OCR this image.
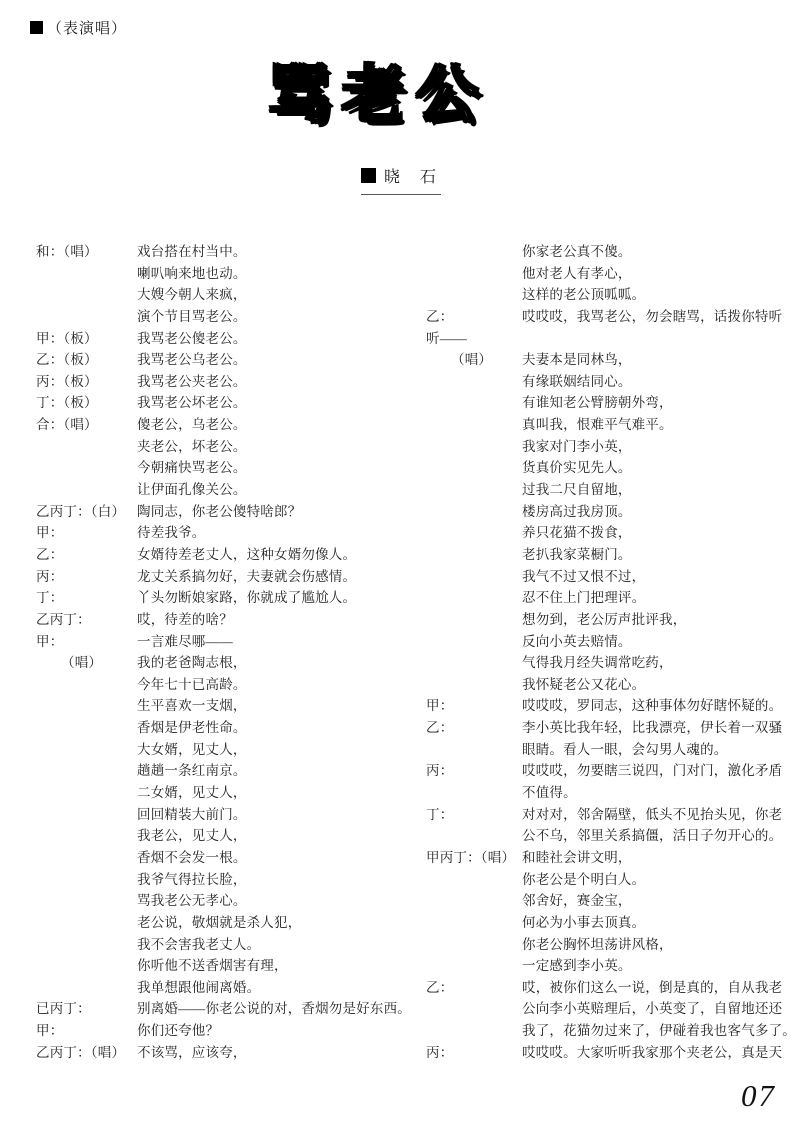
（表演唱）
骂老公
晓　石
和：（唱）	戏台搭在村当中。
喇叭响来地也动。
大嫂今朝人来疯，
演个节目骂老公。
甲：（板）	我骂老公傻老公。
乙：（板）	我骂老公乌老公。
丙：（板）	我骂老公夹老公。
丁：（板）	我骂老公坏老公。
合：（唱）	傻老公，乌老公。
夹老公，坏老公。
今朝痛快骂老公。
让伊面孔像关公。
乙丙丁：（白） 陶同志，你老公傻特啥郎？
甲：	待差我爷。
乙：	女婿待差老丈人，这种女婿勿像人。
丙：	龙丈关系搞勿好，夫妻就会伤感情。
丁：	丫头勿断娘家路，你就成了尴尬人。
乙丙丁：	哎，待差的啥？
甲：	一言难尽哪——
（唱）	我的老爸陶志根，
今年七十已高龄。
生平喜欢一支烟，
香烟是伊老性命。
大女婿，见丈人，
趟趟一条红南京。
二女婿，见丈人，
回回精装大前门。
我老公，见丈人，
香烟不会发一根。
我爷气得拉长脸，
骂我老公无孝心。
老公说，敬烟就是杀人犯，
我不会害我老丈人。
你听他不送香烟害有理，
我单想跟他闹离婚。
已丙丁：	别离婚——你老公说的对，香烟勿是好东西。
甲：	你们还夸他？
乙丙丁：（唱） 不该骂，应该夸，
你家老公真不傻。
他对老人有孝心，
这样的老公顶呱呱。
乙：	哎哎哎，我骂老公，勿会瞎骂，话拨你特听
听——
（唱） 夫妻本是同林鸟，
有缘联姻结同心。
有谁知老公臂膀朝外弯，
真叫我，恨难平气难平。
我家对门李小英，
货真价实见先人。
过我二尺自留地，
楼房高过我房顶。
养只花猫不拨食，
老扒我家菜橱门。
我气不过又恨不过，
忍不住上门把理评。
想勿到，老公厉声批评我，
反向小英去赔情。
气得我月经失调常吃药，
我怀疑老公又花心。
甲：	哎哎哎，罗同志，这种事体勿好瞎怀疑的。
乙：	李小英比我年轻，比我漂亮，伊长着一双骚
眼睛。看人一眼，会勾男人魂的。
丙：	哎哎哎，勿要瞎三说四，门对门，激化矛盾
不值得。
丁：	对对对，邻舍隔壁，低头不见抬头见，你老
公不乌，邻里关系搞僵，活日子勿开心的。
甲丙丁：（唱） 和睦社会讲文明，
你老公是个明白人。
邻舍好，赛金宝，
何必为小事去顶真。
你老公胸怀坦荡讲风格，
一定感到李小英。
乙：	哎，被你们这么一说，倒是真的，自从我老
公向李小英赔理后，小英变了，自留地还还
我了，花猫勿过来了，伊碰着我也客气多了。
丙：	哎哎哎。大家听听我家那个夹老公，真是天
07
